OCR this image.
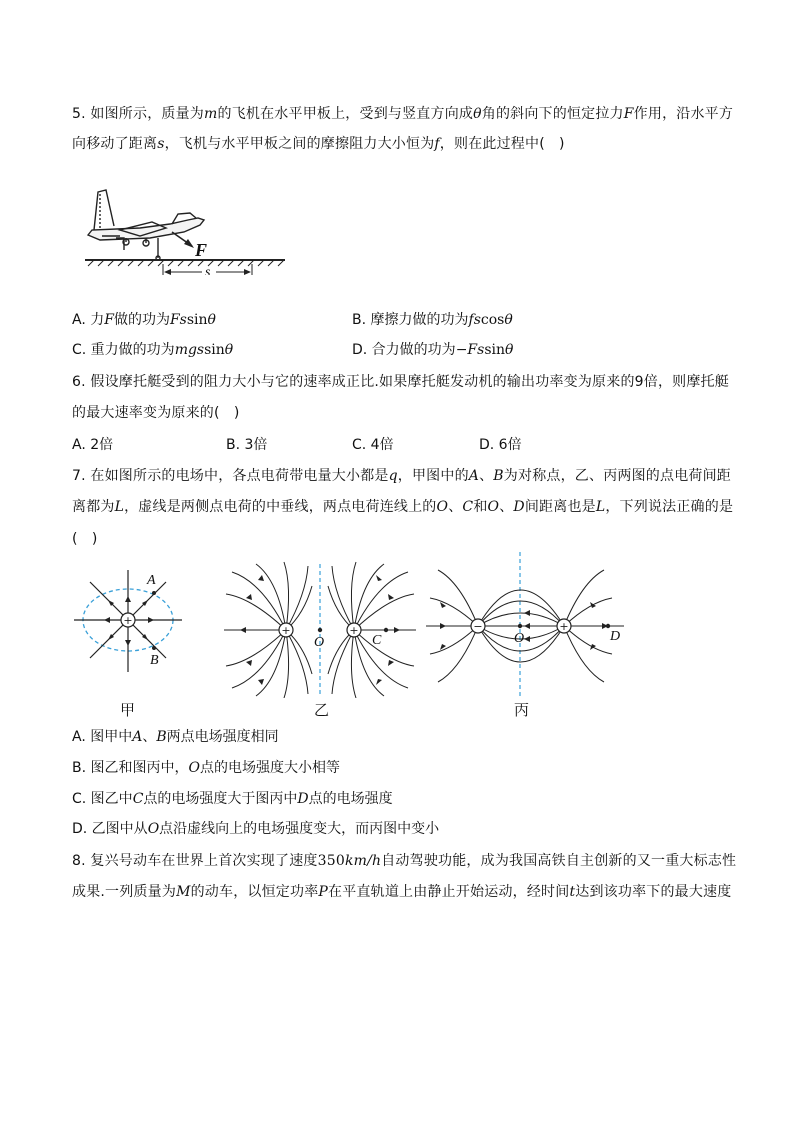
5. 如图所示，质量为m的飞机在水平甲板上，受到与竖直方向成θ角的斜向下的恒定拉力F作用，沿水平方
向移动了距离s，飞机与水平甲板之间的摩擦阻力大小恒为f，则在此过程中(　)
F
s
A. 力F做的功为Fssinθ	B. 摩擦力做的功为fscosθ
C. 重力做的功为mgssinθ	D. 合力做的功为−Fssinθ
6. 假设摩托艇受到的阻力大小与它的速率成正比.如果摩托艇发动机的输出功率变为原来的9倍，则摩托艇
的最大速率变为原来的(　)
A. 2倍	B. 3倍	C. 4倍	D. 6倍
7. 在如图所示的电场中，各点电荷带电量大小都是q，甲图中的A、B为对称点，乙、丙两图的点电荷间距
离都为L，虚线是两侧点电荷的中垂线，两点电荷连线上的O、C和O、D间距离也是L，下列说法正确的是
(　)
+
A
B
+	+
O	C
−	+
O	D
甲	乙	丙
A. 图甲中A、B两点电场强度相同
B. 图乙和图丙中，O点的电场强度大小相等
C. 图乙中C点的电场强度大于图丙中D点的电场强度
D. 乙图中从O点沿虚线向上的电场强度变大，而丙图中变小
8. 复兴号动车在世界上首次实现了速度350km/h自动驾驶功能，成为我国高铁自主创新的又一重大标志性
成果.一列质量为M的动车，以恒定功率P在平直轨道上由静止开始运动，经时间t达到该功率下的最大速度
